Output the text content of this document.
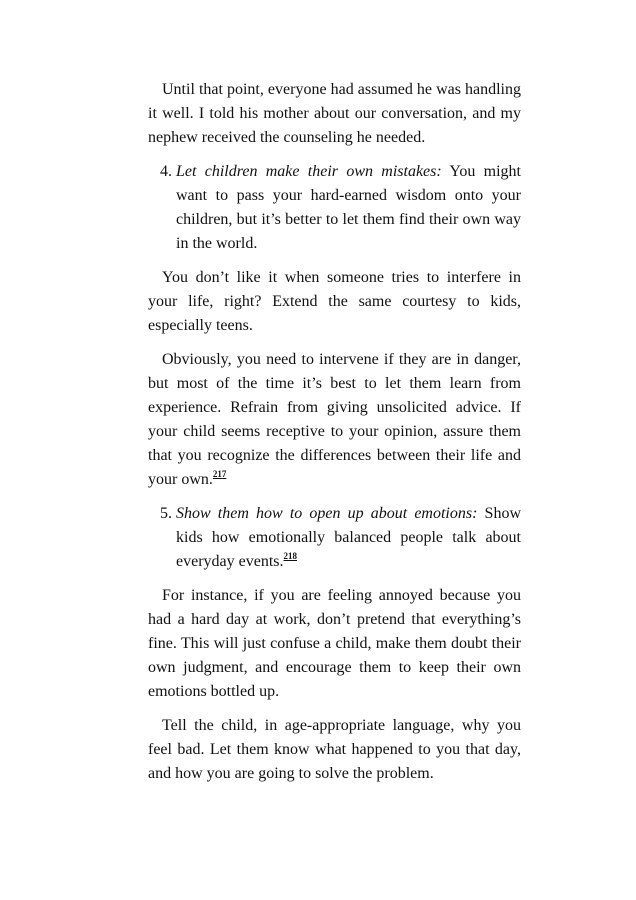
Until that point, everyone had assumed he was handling it well. I told his mother about our conversation, and my nephew received the counseling he needed.

4. Let children make their own mistakes: You might want to pass your hard-earned wisdom onto your children, but it’s better to let them find their own way in the world.

You don’t like it when someone tries to interfere in your life, right? Extend the same courtesy to kids, especially teens.

Obviously, you need to intervene if they are in danger, but most of the time it’s best to let them learn from experience. Refrain from giving unsolicited advice. If your child seems receptive to your opinion, assure them that you recognize the differences between their life and your own.$^{217}$

5. Show them how to open up about emotions: Show kids how emotionally balanced people talk about everyday events.$^{218}$

For instance, if you are feeling annoyed because you had a hard day at work, don’t pretend that everything’s fine. This will just confuse a child, make them doubt their own judgment, and encourage them to keep their own emotions bottled up.

Tell the child, in age-appropriate language, why you feel bad. Let them know what happened to you that day, and how you are going to solve the problem.
